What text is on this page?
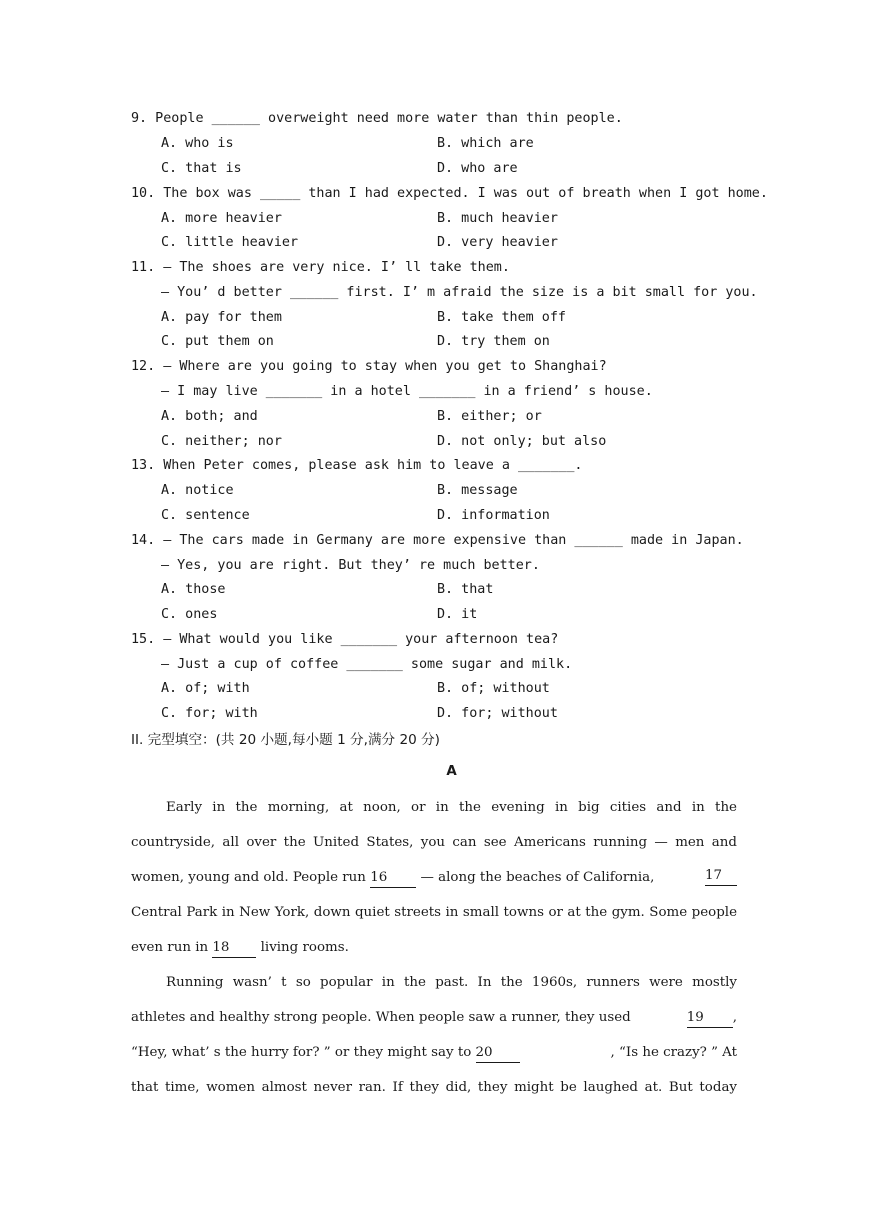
9. People ______ overweight need more water than thin people.
A. who is	B. which are
C. that is	D. who are
10. The box was _____ than I had expected. I was out of breath when I got home.
A. more heavier	B. much heavier
C. little heavier	D. very heavier
11. — The shoes are very nice. I’ ll take them.
— You’ d better ______ first. I’ m afraid the size is a bit small for you.
A. pay for them	B. take them off
C. put them on	D. try them on
12. — Where are you going to stay when you get to Shanghai?
— I may live _______ in a hotel _______ in a friend’ s house.
A. both; and	B. either; or
C. neither; nor	D. not only; but also
13. When Peter comes, please ask him to leave a _______.
A. notice	B. message
C. sentence	D. information
14. — The cars made in Germany are more expensive than ______ made in Japan.
— Yes, you are right. But they’ re much better.
A. those	B. that
C. ones	D. it
15. — What would you like _______ your afternoon tea?
— Just a cup of coffee _______ some sugar and milk.
A. of; with	B. of; without
C. for; with	D. for; without
II. 完型填空：(共 20 小题,每小题 1 分,满分 20 分)
A
Early in the morning, at noon, or in the evening in big cities and in the
countryside, all over the United States, you can see Americans running — men and
women, young and old. People run 16 — along the beaches of California,	17
Central Park in New York, down quiet streets in small towns or at the gym. Some people
even run in 18 living rooms.
Running wasn’ t so popular in the past. In the 1960s, runners were mostly
athletes and healthy strong people. When people saw a runner, they used	19 ,
“Hey, what’ s the hurry for? ” or they might say to 20	, “Is he crazy? ” At
that time, women almost never ran. If they did, they might be laughed at. But today
